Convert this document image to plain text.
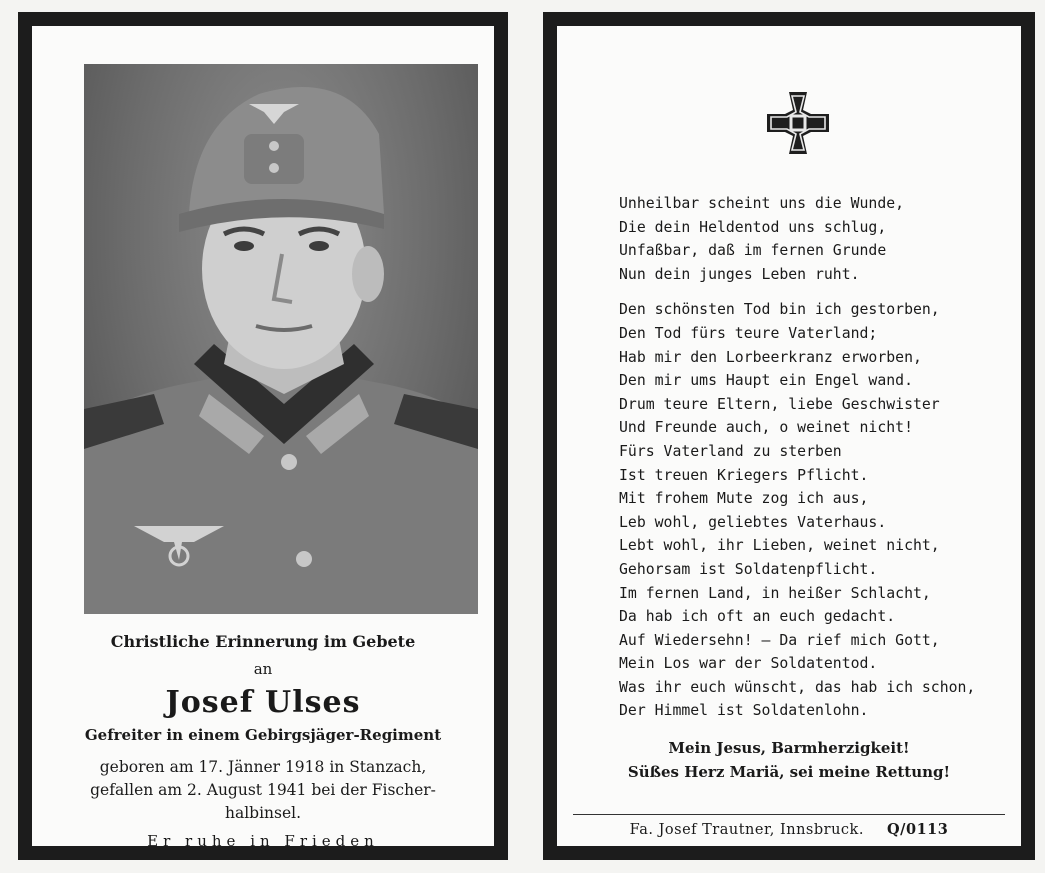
Christliche Erinnerung im Gebete
an
Josef Ulses
Gefreiter in einem Gebirgsjäger-Regiment
geboren am 17. Jänner 1918 in Stanzach,
gefallen am 2. August 1941 bei der Fischer-
halbinsel.
Er ruhe in Frieden
Unheilbar scheint uns die Wunde,
Die dein Heldentod uns schlug,
Unfaßbar, daß im fernen Grunde
Nun dein junges Leben ruht.
Den schönsten Tod bin ich gestorben,
Den Tod fürs teure Vaterland;
Hab mir den Lorbeerkranz erworben,
Den mir ums Haupt ein Engel wand.
Drum teure Eltern, liebe Geschwister
Und Freunde auch, o weinet nicht!
Fürs Vaterland zu sterben
Ist treuen Kriegers Pflicht.
Mit frohem Mute zog ich aus,
Leb wohl, geliebtes Vaterhaus.
Lebt wohl, ihr Lieben, weinet nicht,
Gehorsam ist Soldatenpflicht.
Im fernen Land, in heißer Schlacht,
Da hab ich oft an euch gedacht.
Auf Wiedersehn! — Da rief mich Gott,
Mein Los war der Soldatentod.
Was ihr euch wünscht, das hab ich schon,
Der Himmel ist Soldatenlohn.
Mein Jesus, Barmherzigkeit!
Süßes Herz Mariä, sei meine Rettung!
Fa. Josef Trautner, Innsbruck. Q/0113
